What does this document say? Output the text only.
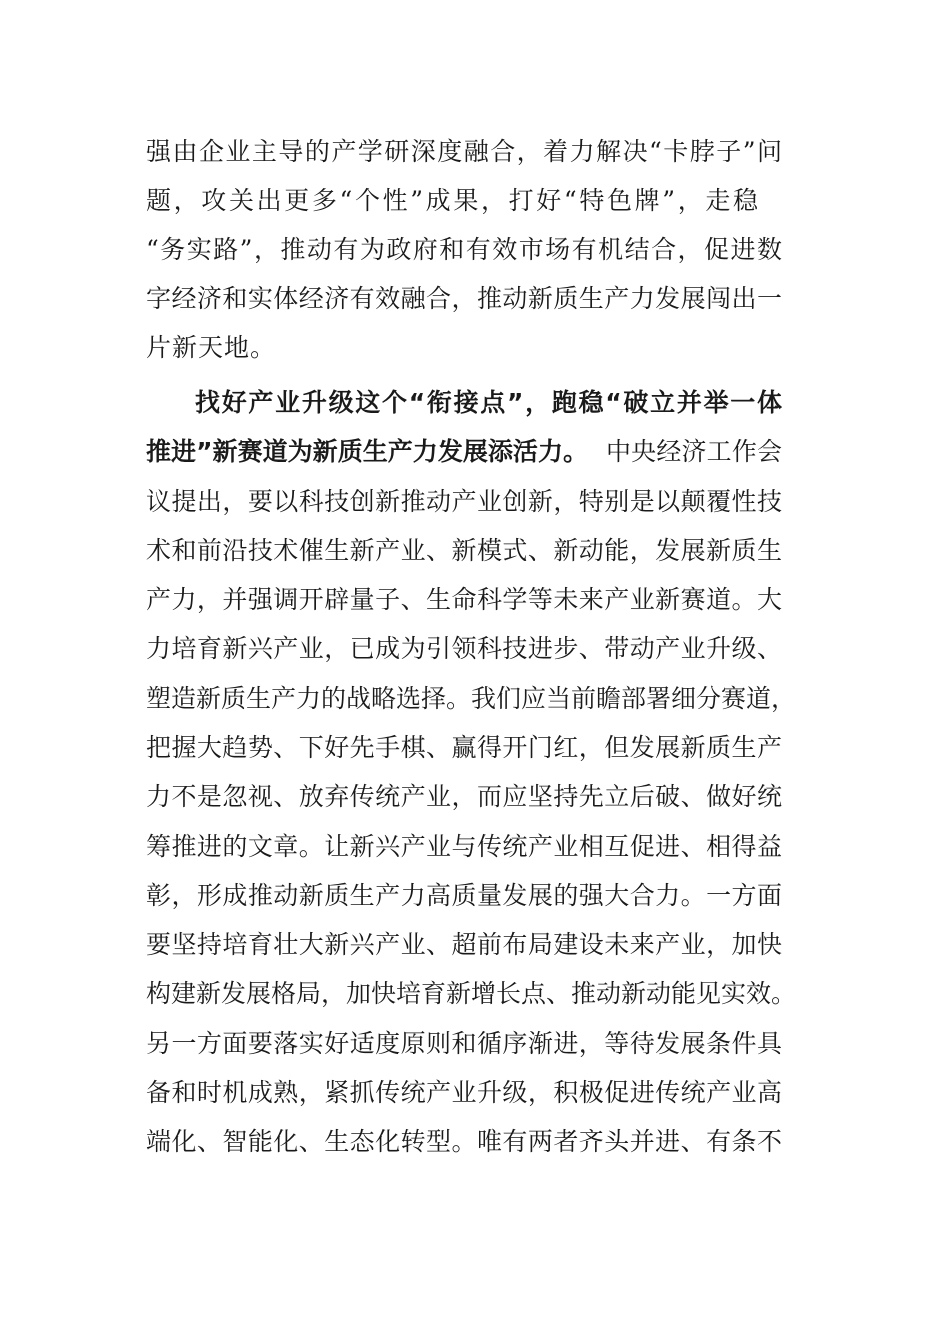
强由企业主导的产学研深度融合，着力解决“卡脖子”问
题，攻关出更多“个性”成果，打好“特色牌”，走稳
“务实路”，推动有为政府和有效市场有机结合，促进数
字经济和实体经济有效融合，推动新质生产力发展闯出一
片新天地。
找好产业升级这个“衔接点”，跑稳“破立并举一体
推进”新赛道为新质生产力发展添活力。 中央经济工作会
议提出，要以科技创新推动产业创新，特别是以颠覆性技
术和前沿技术催生新产业、新模式、新动能，发展新质生
产力，并强调开辟量子、生命科学等未来产业新赛道。大
力培育新兴产业，已成为引领科技进步、带动产业升级、
塑造新质生产力的战略选择。我们应当前瞻部署细分赛道，
把握大趋势、下好先手棋、赢得开门红，但发展新质生产
力不是忽视、放弃传统产业，而应坚持先立后破、做好统
筹推进的文章。让新兴产业与传统产业相互促进、相得益
彰，形成推动新质生产力高质量发展的强大合力。一方面
要坚持培育壮大新兴产业、超前布局建设未来产业，加快
构建新发展格局，加快培育新增长点、推动新动能见实效。
另一方面要落实好适度原则和循序渐进，等待发展条件具
备和时机成熟，紧抓传统产业升级，积极促进传统产业高
端化、智能化、生态化转型。唯有两者齐头并进、有条不
